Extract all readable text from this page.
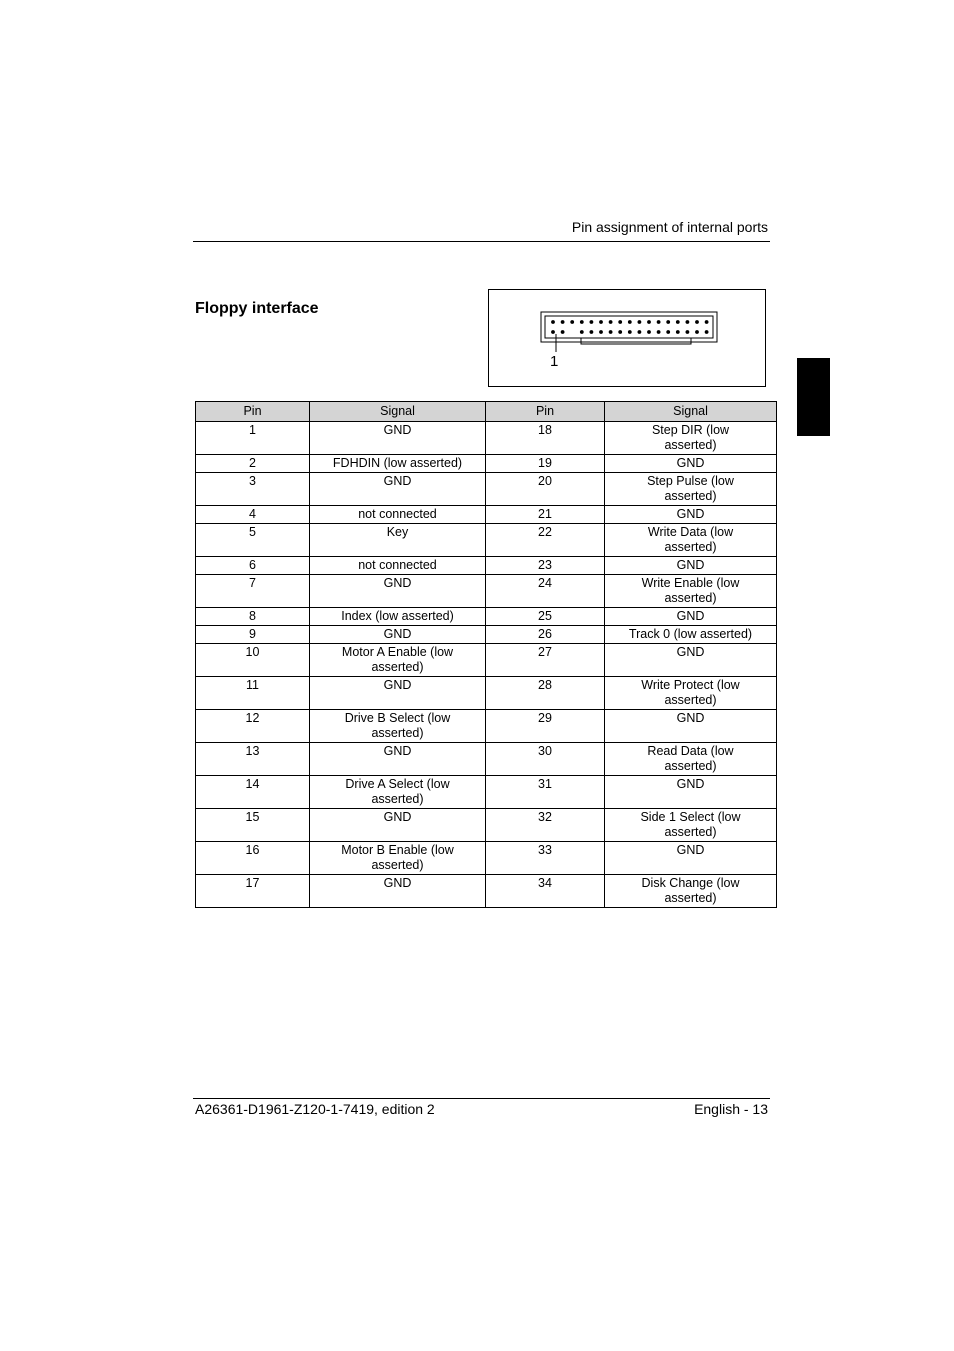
Pin assignment of internal ports
Floppy interface
1
Pin	Signal	Pin	Signal
1	GND	18	Step DIR (low asserted)
2	FDHDIN (low asserted)	19	GND
3	GND	20	Step Pulse (low asserted)
4	not connected	21	GND
5	Key	22	Write Data (low asserted)
6	not connected	23	GND
7	GND	24	Write Enable (low asserted)
8	Index (low asserted)	25	GND
9	GND	26	Track 0 (low asserted)
10	Motor A Enable (low asserted)	27	GND
11	GND	28	Write Protect (low asserted)
12	Drive B Select (low asserted)	29	GND
13	GND	30	Read Data (low asserted)
14	Drive A Select (low asserted)	31	GND
15	GND	32	Side 1 Select (low asserted)
16	Motor B Enable (low asserted)	33	GND
17	GND	34	Disk Change (low asserted)
A26361-D1961-Z120-1-7419, edition 2	English - 13
